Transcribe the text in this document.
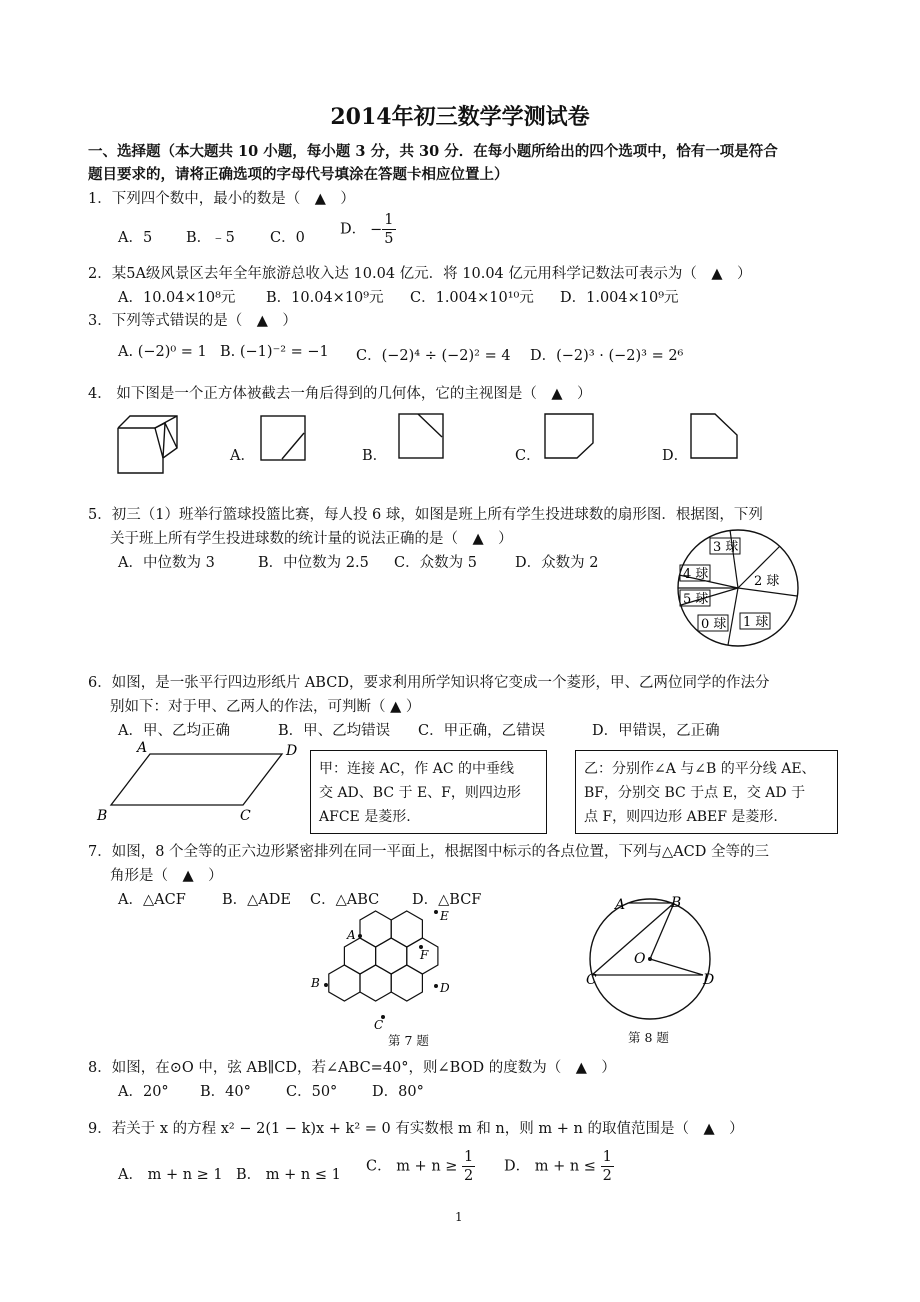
2014年初三数学学测试卷
一、选择题（本大题共 10 小题，每小题 3 分，共 30 分．在每小题所给出的四个选项中，恰有一项是符合
题目要求的，请将正确选项的字母代号填涂在答题卡相应位置上）
1．下列四个数中，最小的数是（　▲　）
A．5 B．﹣5 C．0
D． − $\frac{1}{5}$
2．某5A级风景区去年全年旅游总收入达 10.04 亿元．将 10.04 亿元用科学记数法可表示为（　▲　）
A．10.04×10⁸元 B．10.04×10⁹元 C．1.004×10¹⁰元 D．1.004×10⁹元
3．下列等式错误的是（　▲　）
A. (−2)⁰ = 1 B. (−1)⁻² = −1 C．(−2)⁴ ÷ (−2)² = 4 D．(−2)³ · (−2)³ = 2⁶
4． 如下图是一个正方体被截去一角后得到的几何体，它的主视图是（　▲　）
A．	B．	C．	D．
5．初三（1）班举行篮球投篮比赛，每人投 6 球，如图是班上所有学生投进球数的扇形图．根据图，下列
关于班上所有学生投进球数的统计量的说法正确的是（　▲　）
A．中位数为 3	B．中位数为 2.5 C．众数为 5	D．众数为 2
3 球
2 球
4 球
5 球
0 球 1 球
6．如图，是一张平行四边形纸片 ABCD，要求利用所学知识将它变成一个菱形，甲、乙两位同学的作法分
别如下：对于甲、乙两人的作法，可判断（ ▲ ）
A．甲、乙均正确	B．甲、乙均错误 C．甲正确，乙错误	D．甲错误，乙正确
A	D
B	C
甲：连接 AC，作 AC 的中垂线
交 AD、BC 于 E、F，则四边形
AFCE 是菱形.
乙：分别作∠A 与∠B 的平分线 AE、
BF，分别交 BC 于点 E，交 AD 于
点 F，则四边形 ABEF 是菱形.
7．如图，8 个全等的正六边形紧密排列在同一平面上，根据图中标示的各点位置，下列与△ACD 全等的三
角形是（　▲　）
A．△ACF	B．△ADE C．△ABC D．△BCF
A
E
F
B	D
C
第 7 题
A	B
O
C	D
第 8 题
8．如图，在⊙O 中，弦 AB∥CD，若∠ABC=40°，则∠BOD 的度数为（　▲　）
A．20° B．40° C．50° D．80°
9．若关于 x 的方程 x² − 2(1 − k)x + k² = 0 有实数根 m 和 n，则 m + n 的取值范围是（　▲　）
A． m + n ≥ 1 B． m + n ≤ 1
C． $m + n \ge \frac{1}{2}$ D． $m + n \le \frac{1}{2}$
1
